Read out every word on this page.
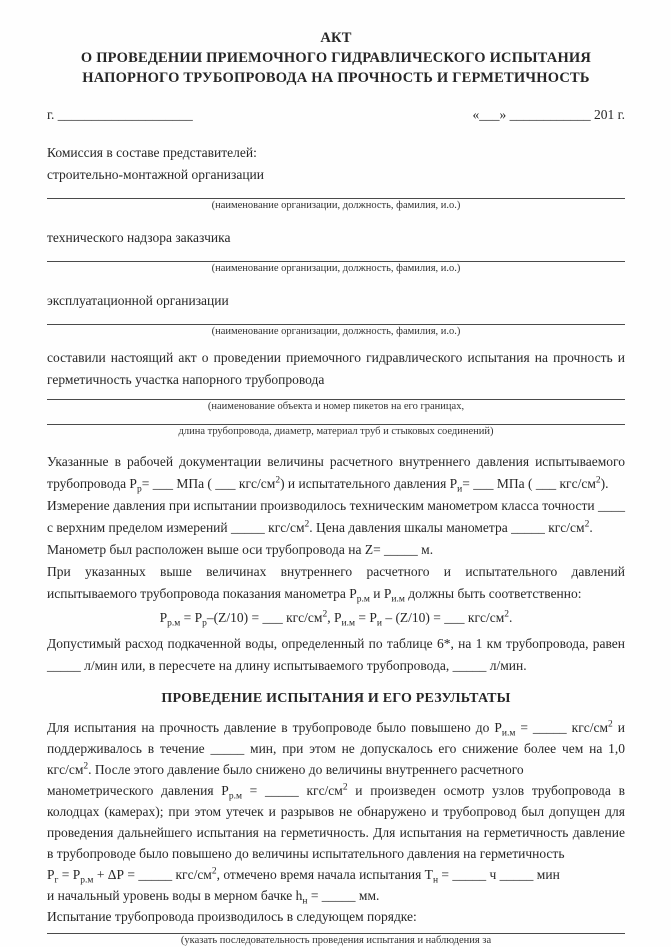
АКТ
О ПРОВЕДЕНИИ ПРИЕМОЧНОГО ГИДРАВЛИЧЕСКОГО ИСПЫТАНИЯ
НАПОРНОГО ТРУБОПРОВОДА НА ПРОЧНОСТЬ И ГЕРМЕТИЧНОСТЬ
г. ____________________	«___» ____________ 201 г.
Комиссия в составе представителей:
строительно-монтажной организации
(наименование организации, должность, фамилия, и.о.)
технического надзора заказчика
(наименование организации, должность, фамилия, и.о.)
эксплуатационной организации
(наименование организации, должность, фамилия, и.о.)
составили настоящий акт о проведении приемочного гидравлического испытания на прочность и
герметичность участка напорного трубопровода
(наименование объекта и номер пикетов на его границах,
длина трубопровода, диаметр, материал труб и стыковых соединений)
Указанные в рабочей документации величины расчетного внутреннего давления испытываемого
трубопровода $Р_р=$ ___ МПа ( ___ кгс/$см^2$) и испытательного давления $Р_и=$ ___ МПа ( ___ кгс/$см^2$).
Измерение давления при испытании производилось техническим манометром класса точности ____
с верхним пределом измерений _____ кгс/$см^2$. Цена давления шкалы манометра _____ кгс/$см^2$.
Манометр был расположен выше оси трубопровода на Z= _____ м.
При указанных выше величинах внутреннего расчетного и испытательного давлений
испытываемого трубопровода показания манометра $Р_{р.м}$ и $Р_{и.м}$ должны быть соответственно:
$Р_{р.м} = Р_р-(Z/10)$ = ___ кгс/$см^2$, $Р_{и.м} = Р_и - (Z/10)$ = ___ кгс/$см^2$.
Допустимый расход подкаченной воды, определенный по таблице 6*, на 1 км трубопровода, равен
_____ л/мин или, в пересчете на длину испытываемого трубопровода, _____ л/мин.
ПРОВЕДЕНИЕ ИСПЫТАНИЯ И ЕГО РЕЗУЛЬТАТЫ
Для испытания на прочность давление в трубопроводе было повышено до $Р_{и.м}$ = _____ кгс/$см^2$ и
поддерживалось в течение _____ мин, при этом не допускалось его снижение более чем на 1,0
кгс/$см^2$. После этого давление было снижено до величины внутреннего расчетного
манометрического давления $Р_{р.м}$ = _____ кгс/$см^2$ и произведен осмотр узлов трубопровода в
колодцах (камерах); при этом утечек и разрывов не обнаружено и трубопровод был допущен для
проведения дальнейшего испытания на герметичность. Для испытания на герметичность давление
в трубопроводе было повышено до величины испытательного давления на герметичность
$Р_г = Р_{р.м} + \Delta Р$ = _____ кгс/$см^2$, отмечено время начала испытания $Т_н$ = _____ ч _____ мин
и начальный уровень воды в мерном бачке $h_н$ = _____ мм.
Испытание трубопровода производилось в следующем порядке:
(указать последовательность проведения испытания и наблюдения за
